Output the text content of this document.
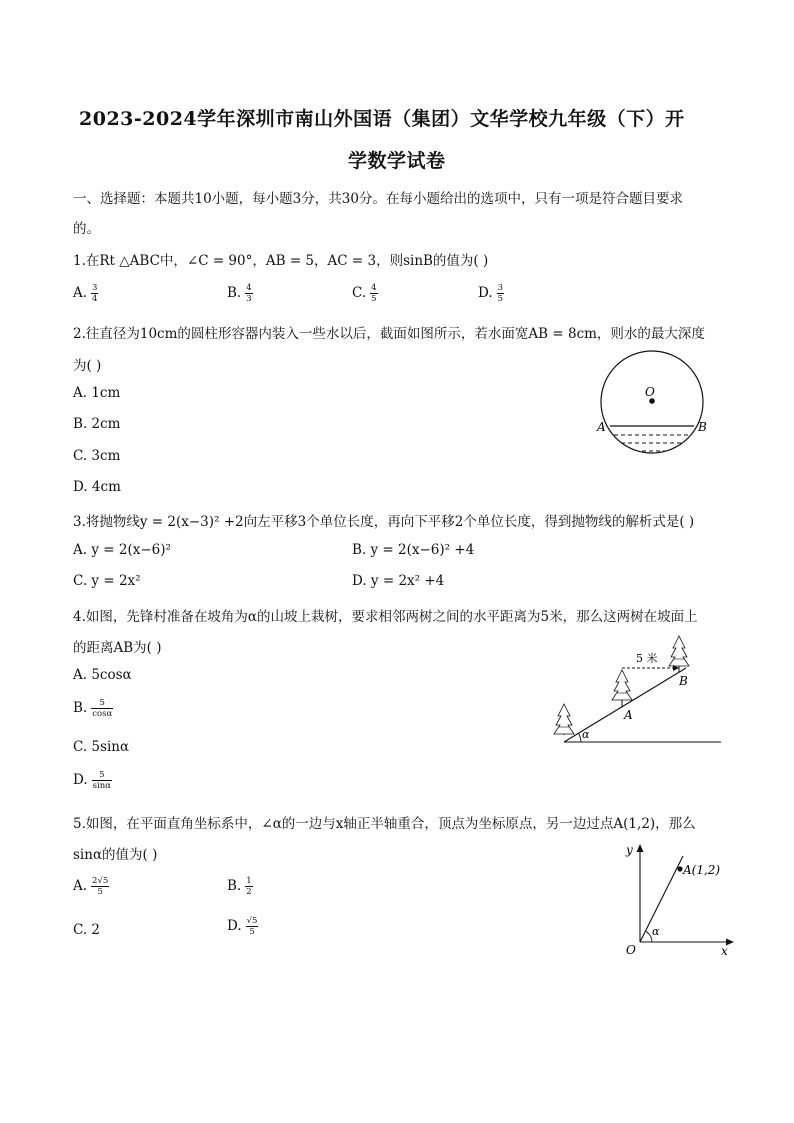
2023-2024学年深圳市南山外国语（集团）文华学校九年级（下）开
学数学试卷
一、选择题：本题共10小题，每小题3分，共30分。在每小题给出的选项中，只有一项是符合题目要求
的。
1.在Rt △ABC中，∠C = 90°，AB = 5，AC = 3，则sinB的值为( )
A. $\frac{3}{4}$	B. $\frac{4}{3}$	C. $\frac{4}{5}$	D. $\frac{3}{5}$
2.往直径为10cm的圆柱形容器内装入一些水以后，截面如图所示，若水面宽AB = 8cm，则水的最大深度
为( )
A. 1cm
B. 2cm
C. 3cm
D. 4cm
O
A	B
3.将抛物线y = 2(x−3)² +2向左平移3个单位长度，再向下平移2个单位长度，得到抛物线的解析式是( )
A. y = 2(x−6)²	B. y = 2(x−6)² +4
C. y = 2x²	D. y = 2x² +4
4.如图，先锋村准备在坡角为α的山坡上栽树，要求相邻两树之间的水平距离为5米，那么这两树在坡面上
的距离AB为( )
A. 5cosα
B. $\frac{5}{\cos\alpha}$
C. 5sinα
D. $\frac{5}{\sin\alpha}$
α
5 米
A
B
5.如图，在平面直角坐标系中，∠α的一边与x轴正半轴重合，顶点为坐标原点，另一边过点A(1,2)，那么
sinα的值为( )
A. $\frac{2√5}{5}$	B. $\frac{1}{2}$
C. 2	D. $\frac{√5}{5}$	α
y
x
O
A(1,2)
